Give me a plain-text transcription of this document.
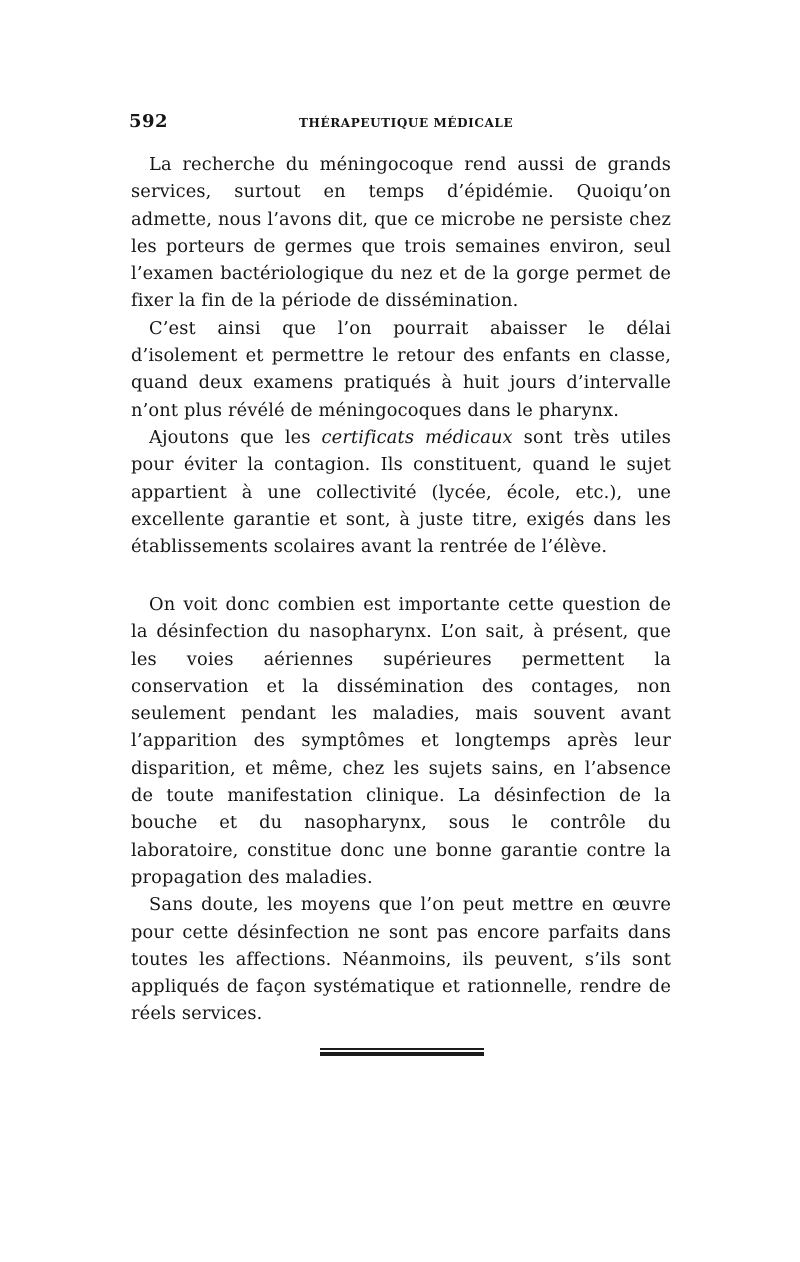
592	THÉRAPEUTIQUE MÉDICALE

La recherche du méningocoque rend aussi de grands services, surtout en temps d’épidémie. Quoiqu’on admette, nous l’avons dit, que ce microbe ne persiste chez les porteurs de germes que trois semaines environ, seul l’examen bactériologique du nez et de la gorge permet de fixer la fin de la période de dissémination.

C’est ainsi que l’on pourrait abaisser le délai d’isolement et permettre le retour des enfants en classe, quand deux examens pratiqués à huit jours d’intervalle n’ont plus révélé de méningocoques dans le pharynx.

Ajoutons que les certificats médicaux sont très utiles pour éviter la contagion. Ils constituent, quand le sujet appartient à une collectivité (lycée, école, etc.), une excellente garantie et sont, à juste titre, exigés dans les établissements scolaires avant la rentrée de l’élève.

On voit donc combien est importante cette question de la désinfection du nasopharynx. L’on sait, à présent, que les voies aériennes supérieures permettent la conservation et la dissémination des contages, non seulement pendant les maladies, mais souvent avant l’apparition des symptômes et longtemps après leur disparition, et même, chez les sujets sains, en l’absence de toute manifestation clinique. La désinfection de la bouche et du nasopharynx, sous le contrôle du laboratoire, constitue donc une bonne garantie contre la propagation des maladies.

Sans doute, les moyens que l’on peut mettre en œuvre pour cette désinfection ne sont pas encore parfaits dans toutes les affections. Néanmoins, ils peuvent, s’ils sont appliqués de façon systématique et rationnelle, rendre de réels services.
